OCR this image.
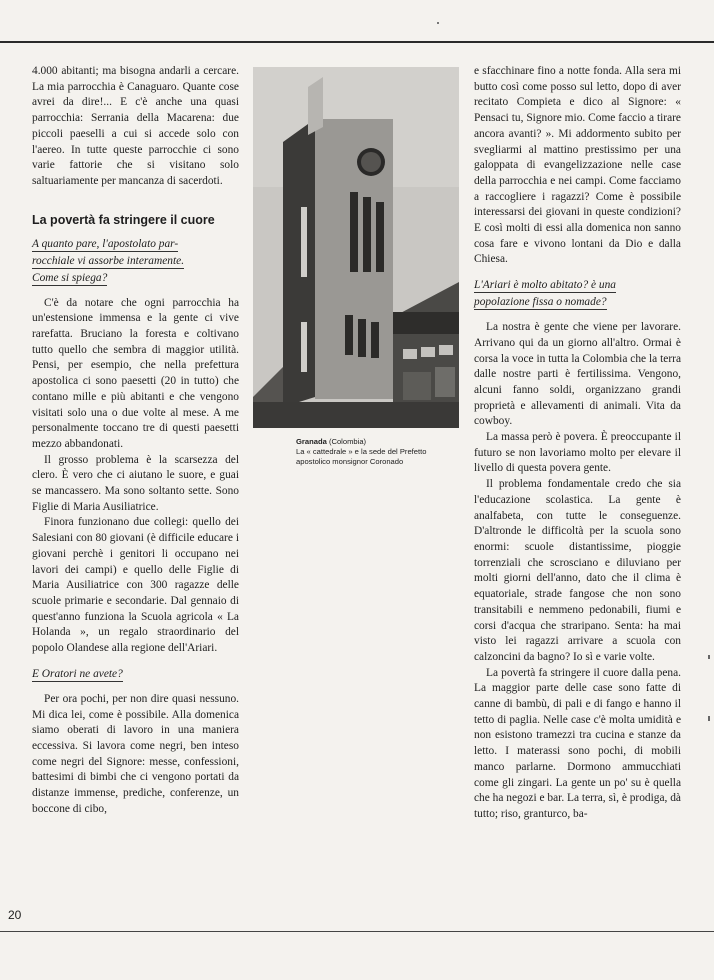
4.000 abitanti; ma bisogna andarli a cercare. La mia parrocchia è Canaguaro. Quante cose avrei da dire!... E c'è anche una quasi parrocchia: Serrania della Macarena: due piccoli paeselli a cui si accede solo con l'aereo. In tutte queste parrocchie ci sono varie fattorie che si visitano solo saltuariamente per mancanza di sacerdoti.

La povertà fa stringere il cuore
A quanto pare, l'apostolato par-
rocchiale vi assorbe interamente.
Come si spiega?

C'è da notare che ogni parrocchia ha un'estensione immensa e la gente ci vive rarefatta. Bruciano la foresta e coltivano tutto quello che sembra di maggior utilità. Pensi, per esempio, che nella prefettura apostolica ci sono paesetti (20 in tutto) che contano mille e più abitanti e che vengono visitati solo una o due volte al mese. A me personalmente toccano tre di questi paesetti mezzo abbandonati.

Il grosso problema è la scarsezza del clero. È vero che ci aiutano le suore, e guai se mancassero. Ma sono soltanto sette. Sono Figlie di Maria Ausiliatrice.

Finora funzionano due collegi: quello dei Salesiani con 80 giovani (è difficile educare i giovani perchè i genitori li occupano nei lavori dei campi) e quello delle Figlie di Maria Ausiliatrice con 300 ragazze delle scuole primarie e secondarie. Dal gennaio di quest'anno funziona la Scuola agricola « La Holanda », un regalo straordinario del popolo Olandese alla regione dell'Ariari.

E Oratori ne avete?

Per ora pochi, per non dire quasi nessuno. Mi dica lei, come è possibile. Alla domenica siamo oberati di lavoro in una maniera eccessiva. Si lavora come negri, ben inteso come negri del Signore: messe, confessioni, battesimi di bimbi che ci vengono portati da distanze immense, prediche, conferenze, un boccone di cibo,

Granada (Colombia)
La « cattedrale » e la sede del Prefetto apostolico monsignor Coronado

e sfacchinare fino a notte fonda. Alla sera mi butto così come posso sul letto, dopo di aver recitato Compieta e dico al Signore: « Pensaci tu, Signore mio. Come faccio a tirare ancora avanti? ». Mi addormento subito per svegliarmi al mattino prestissimo per una galoppata di evangelizzazione nelle case della parrocchia e nei campi. Come facciamo a raccogliere i ragazzi? Come è possibile interessarsi dei giovani in queste condizioni? E così molti di essi alla domenica non sanno cosa fare e vivono lontani da Dio e dalla Chiesa.

L'Ariari è molto abitato? è una
popolazione fissa o nomade?

La nostra è gente che viene per lavorare. Arrivano qui da un giorno all'altro. Ormai è corsa la voce in tutta la Colombia che la terra dalle nostre parti è fertilissima. Vengono, alcuni fanno soldi, organizzano grandi proprietà e allevamenti di animali. Vita da cowboy.

La massa però è povera. È preoccupante il futuro se non lavoriamo molto per elevare il livello di questa povera gente.

Il problema fondamentale credo che sia l'educazione scolastica. La gente è analfabeta, con tutte le conseguenze. D'altronde le difficoltà per la scuola sono enormi: scuole distantissime, pioggie torrenziali che scrosciano e diluviano per molti giorni dell'anno, dato che il clima è equatoriale, strade fangose che non sono transitabili e nemmeno pedonabili, fiumi e corsi d'acqua che straripano. Senta: ha mai visto lei ragazzi arrivare a scuola con calzoncini da bagno? Io sì e varie volte.

La povertà fa stringere il cuore dalla pena. La maggior parte delle case sono fatte di canne di bambù, di pali e di fango e hanno il tetto di paglia. Nelle case c'è molta umidità e non esistono tramezzi tra cucina e stanze da letto. I materassi sono pochi, di mobili manco parlarne. Dormono ammucchiati come gli zingari. La gente un po' su è quella che ha negozi e bar. La terra, sì, è prodiga, dà tutto; riso, granturco, ba-

20
